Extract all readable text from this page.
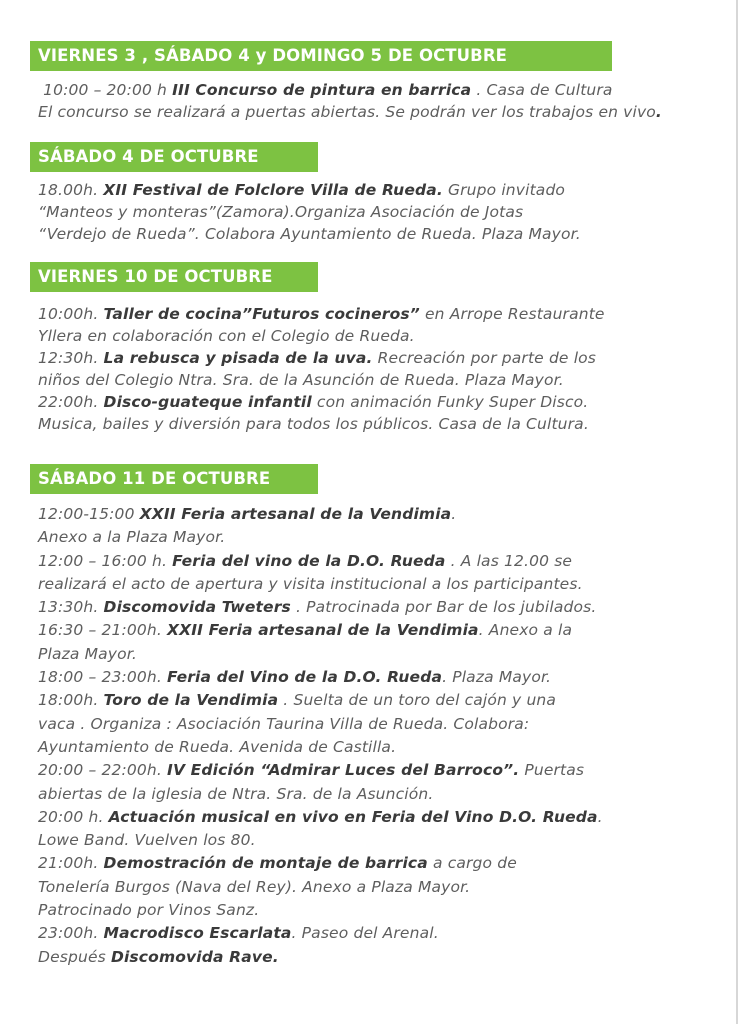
VIERNES 3 , SÁBADO 4 y DOMINGO 5 DE OCTUBRE
10:00 – 20:00 h III Concurso de pintura en barrica . Casa de Cultura
El concurso se realizará a puertas abiertas. Se podrán ver los trabajos en vivo.
SÁBADO 4 DE OCTUBRE
18.00h. XII Festival de Folclore Villa de Rueda. Grupo invitado
“Manteos y monteras”(Zamora).Organiza Asociación de Jotas
“Verdejo de Rueda”. Colabora Ayuntamiento de Rueda. Plaza Mayor.
VIERNES 10 DE OCTUBRE
10:00h. Taller de cocina”Futuros cocineros” en Arrope Restaurante
Yllera en colaboración con el Colegio de Rueda.
12:30h. La rebusca y pisada de la uva. Recreación por parte de los
niños del Colegio Ntra. Sra. de la Asunción de Rueda. Plaza Mayor.
22:00h. Disco-guateque infantil con animación Funky Super Disco.
Musica, bailes y diversión para todos los públicos. Casa de la Cultura.
SÁBADO 11 DE OCTUBRE
12:00-15:00 XXII Feria artesanal de la Vendimia.
Anexo a la Plaza Mayor.
12:00 – 16:00 h. Feria del vino de la D.O. Rueda . A las 12.00 se
realizará el acto de apertura y visita institucional a los participantes.
13:30h. Discomovida Tweters . Patrocinada por Bar de los jubilados.
16:30 – 21:00h. XXII Feria artesanal de la Vendimia. Anexo a la
Plaza Mayor.
18:00 – 23:00h. Feria del Vino de la D.O. Rueda. Plaza Mayor.
18:00h. Toro de la Vendimia . Suelta de un toro del cajón y una
vaca . Organiza : Asociación Taurina Villa de Rueda. Colabora:
Ayuntamiento de Rueda. Avenida de Castilla.
20:00 – 22:00h. IV Edición “Admirar Luces del Barroco”. Puertas
abiertas de la iglesia de Ntra. Sra. de la Asunción.
20:00 h. Actuación musical en vivo en Feria del Vino D.O. Rueda.
Lowe Band. Vuelven los 80.
21:00h. Demostración de montaje de barrica a cargo de
Tonelería Burgos (Nava del Rey). Anexo a Plaza Mayor.
Patrocinado por Vinos Sanz.
23:00h. Macrodisco Escarlata. Paseo del Arenal.
Después Discomovida Rave.
